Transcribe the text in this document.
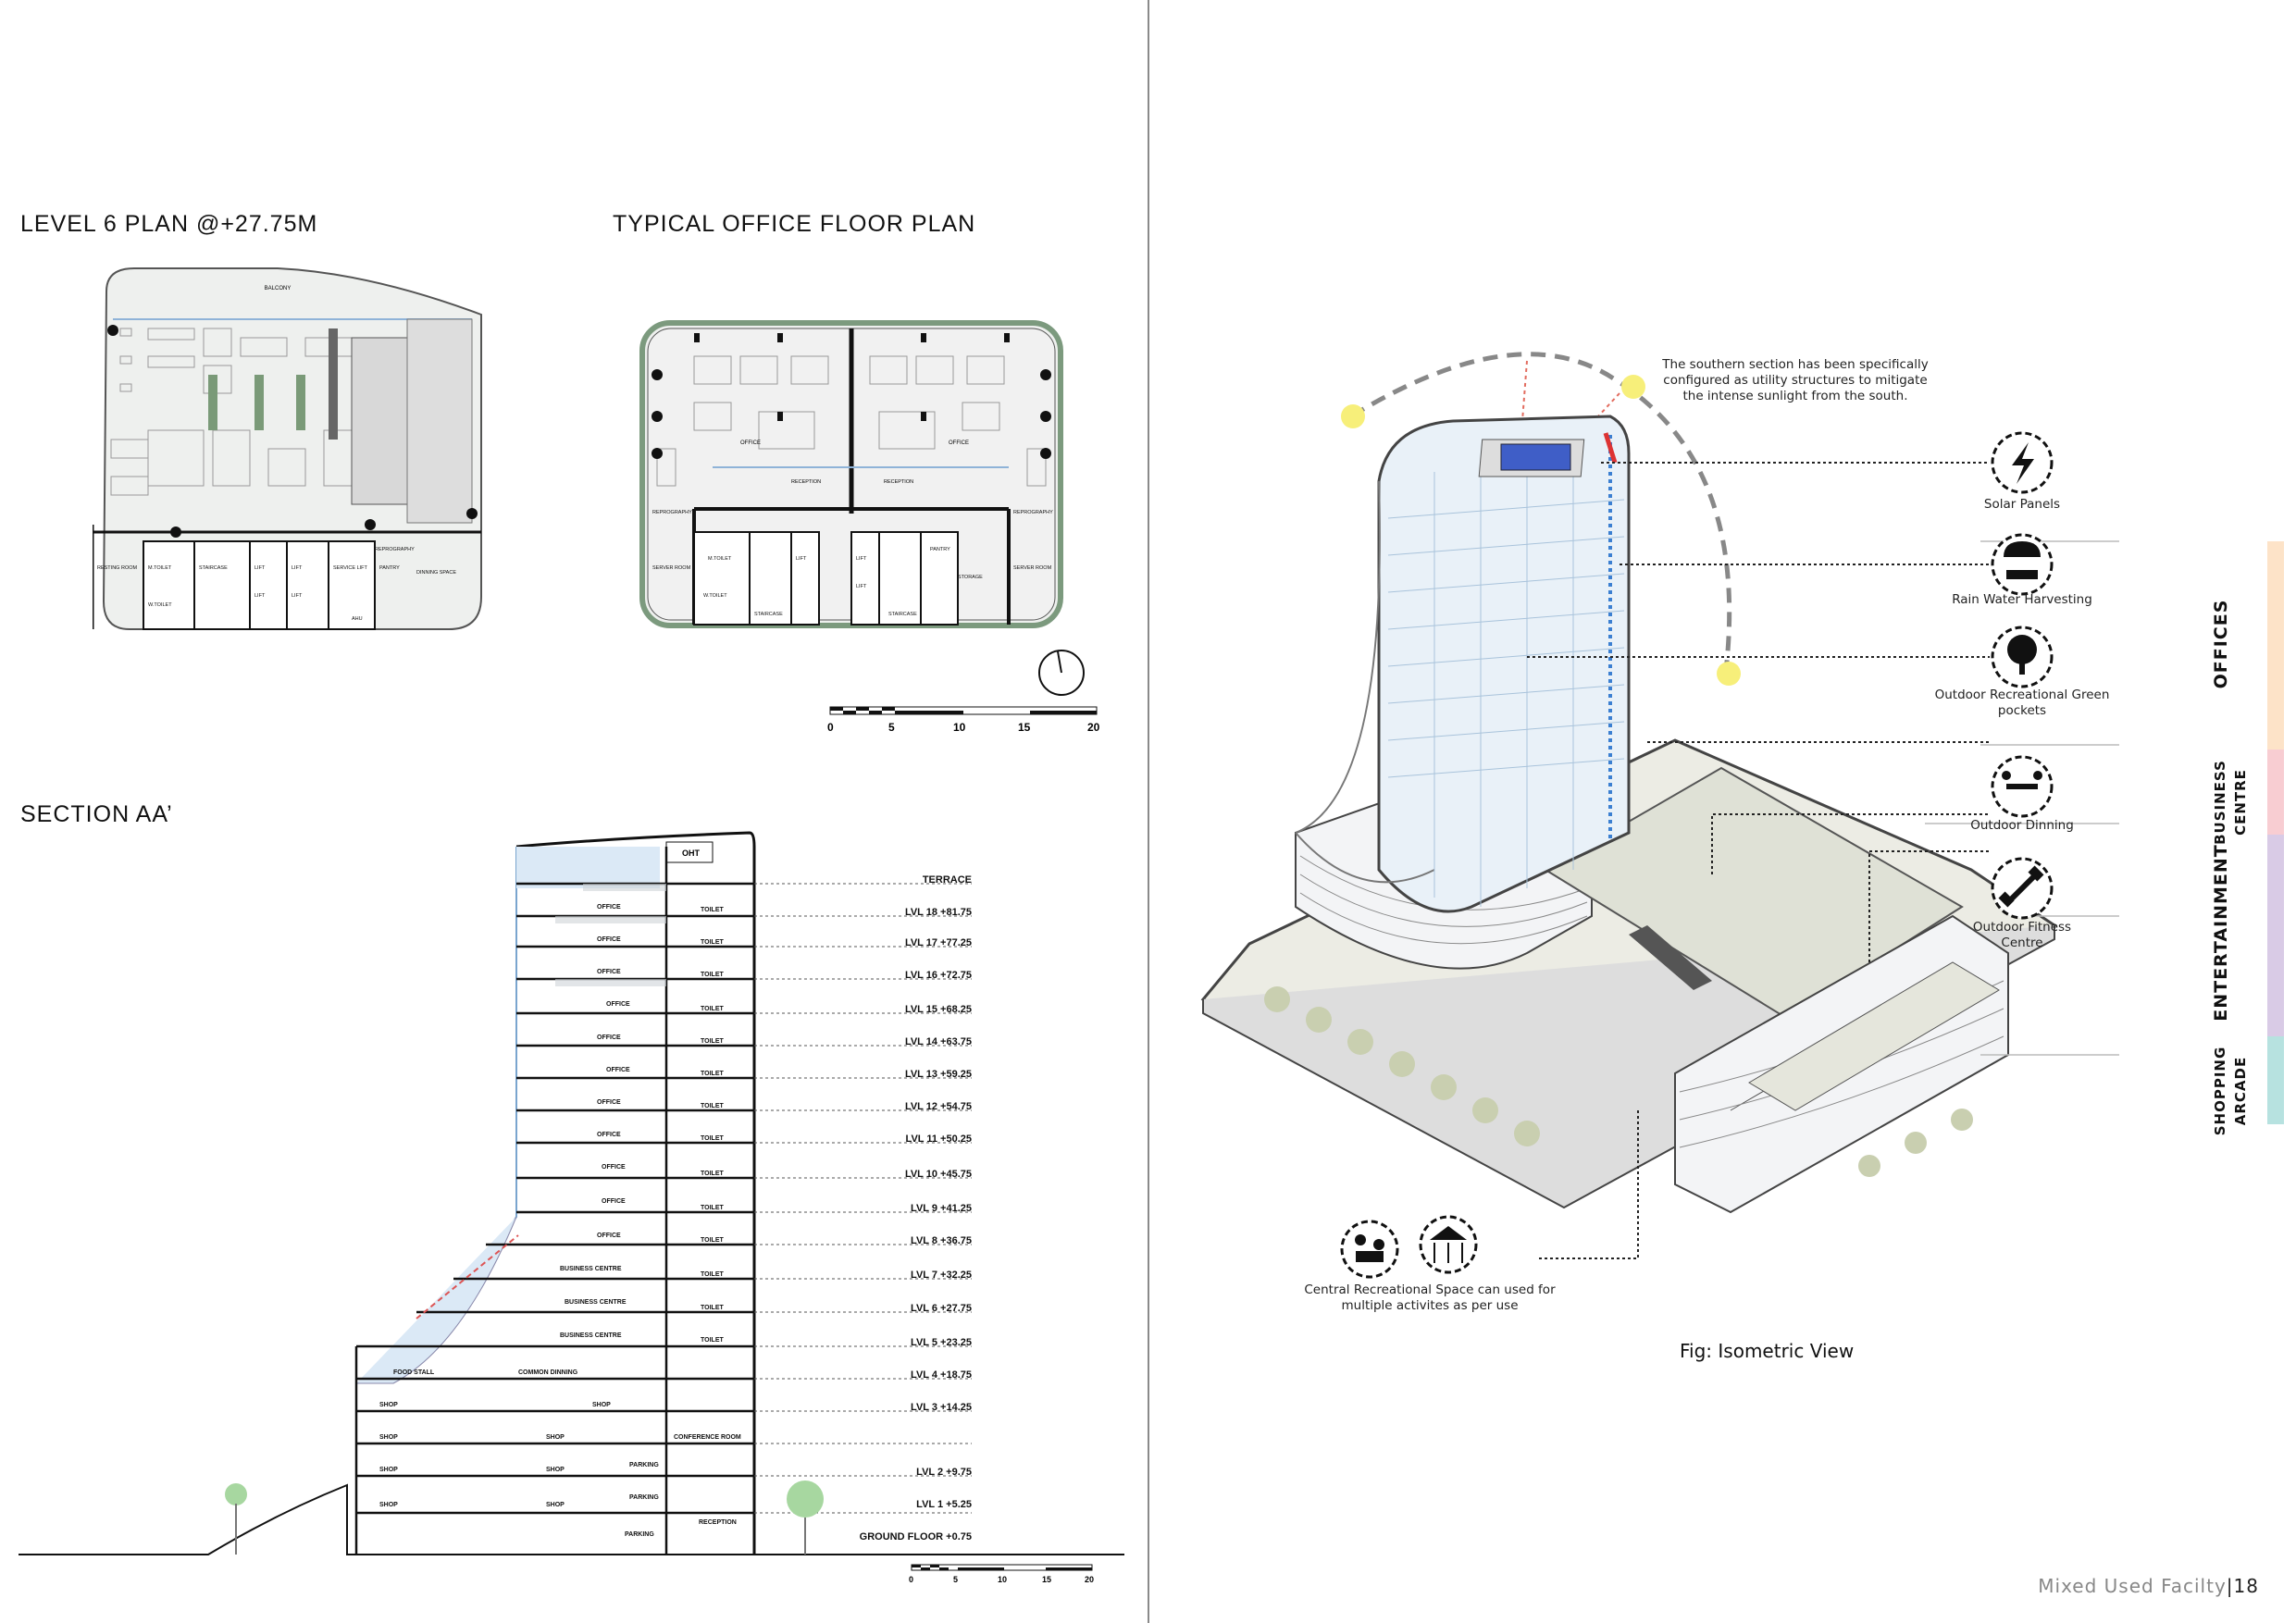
LEVEL 6 PLAN @+27.75M	TYPICAL OFFICE FLOOR PLAN
SECTION AA’
BALCONY
M.TOILET
W.TOILET
STAIRCASE	LIFT
LIFT
LIFT
LIFT
SERVICE LIFT
RESTING ROOM
REPROGRAPHY
PANTRY
DINNING SPACE
AHU
OFFICE	OFFICE
RECEPTION	RECEPTION
REPROGRAPHY
SERVER ROOM
M.TOILET
W.TOILET
STAIRCASE
LIFT	LIFT
LIFT
STAIRCASE
PANTRY
STORAGE
REPROGRAPHY
SERVER ROOM
0	5	10	15	20
OHT
OFFICE
OFFICE
OFFICE
OFFICE
OFFICE
OFFICE
OFFICE
OFFICE
OFFICE
OFFICE
OFFICE
BUSINESS CENTRE
BUSINESS CENTRE
BUSINESS CENTRE
TOILET
TOILET
TOILET
TOILET
TOILET
TOILET
TOILET
TOILET
TOILET
TOILET
TOILET
TOILET
TOILET
TOILET
FOOD STALL	COMMON DINNING
SHOP	SHOP
SHOP	SHOP
SHOP	SHOP
SHOP	SHOP
CONFERENCE ROOM
PARKING
PARKING
PARKING
RECEPTION
TERRACE
LVL 18 +81.75
LVL 17 +77.25
LVL 16 +72.75
LVL 15 +68.25
LVL 14 +63.75
LVL 13 +59.25
LVL 12 +54.75
LVL 11 +50.25
LVL 10 +45.75
LVL 9 +41.25
LVL 8 +36.75
LVL 7 +32.25
LVL 6 +27.75
LVL 5 +23.25
LVL 4 +18.75
LVL 3 +14.25
LVL 2 +9.75
LVL 1 +5.25
GROUND FLOOR +0.75
0	5	10	15	20
The southern section has been specifically configured as utility structures to mitigate the intense sunlight from the south.
Solar Panels
Rain Water Harvesting
Outdoor Recreational Green pockets
Outdoor Dinning
Outdoor Fitness Centre
Central Recreational Space can used for multiple activites as per use
Fig: Isometric View
OFFICES
BUSINESS CENTRE
ENTERTAINMENT
SHOPPING ARCADE
Mixed Used Facilty|18
